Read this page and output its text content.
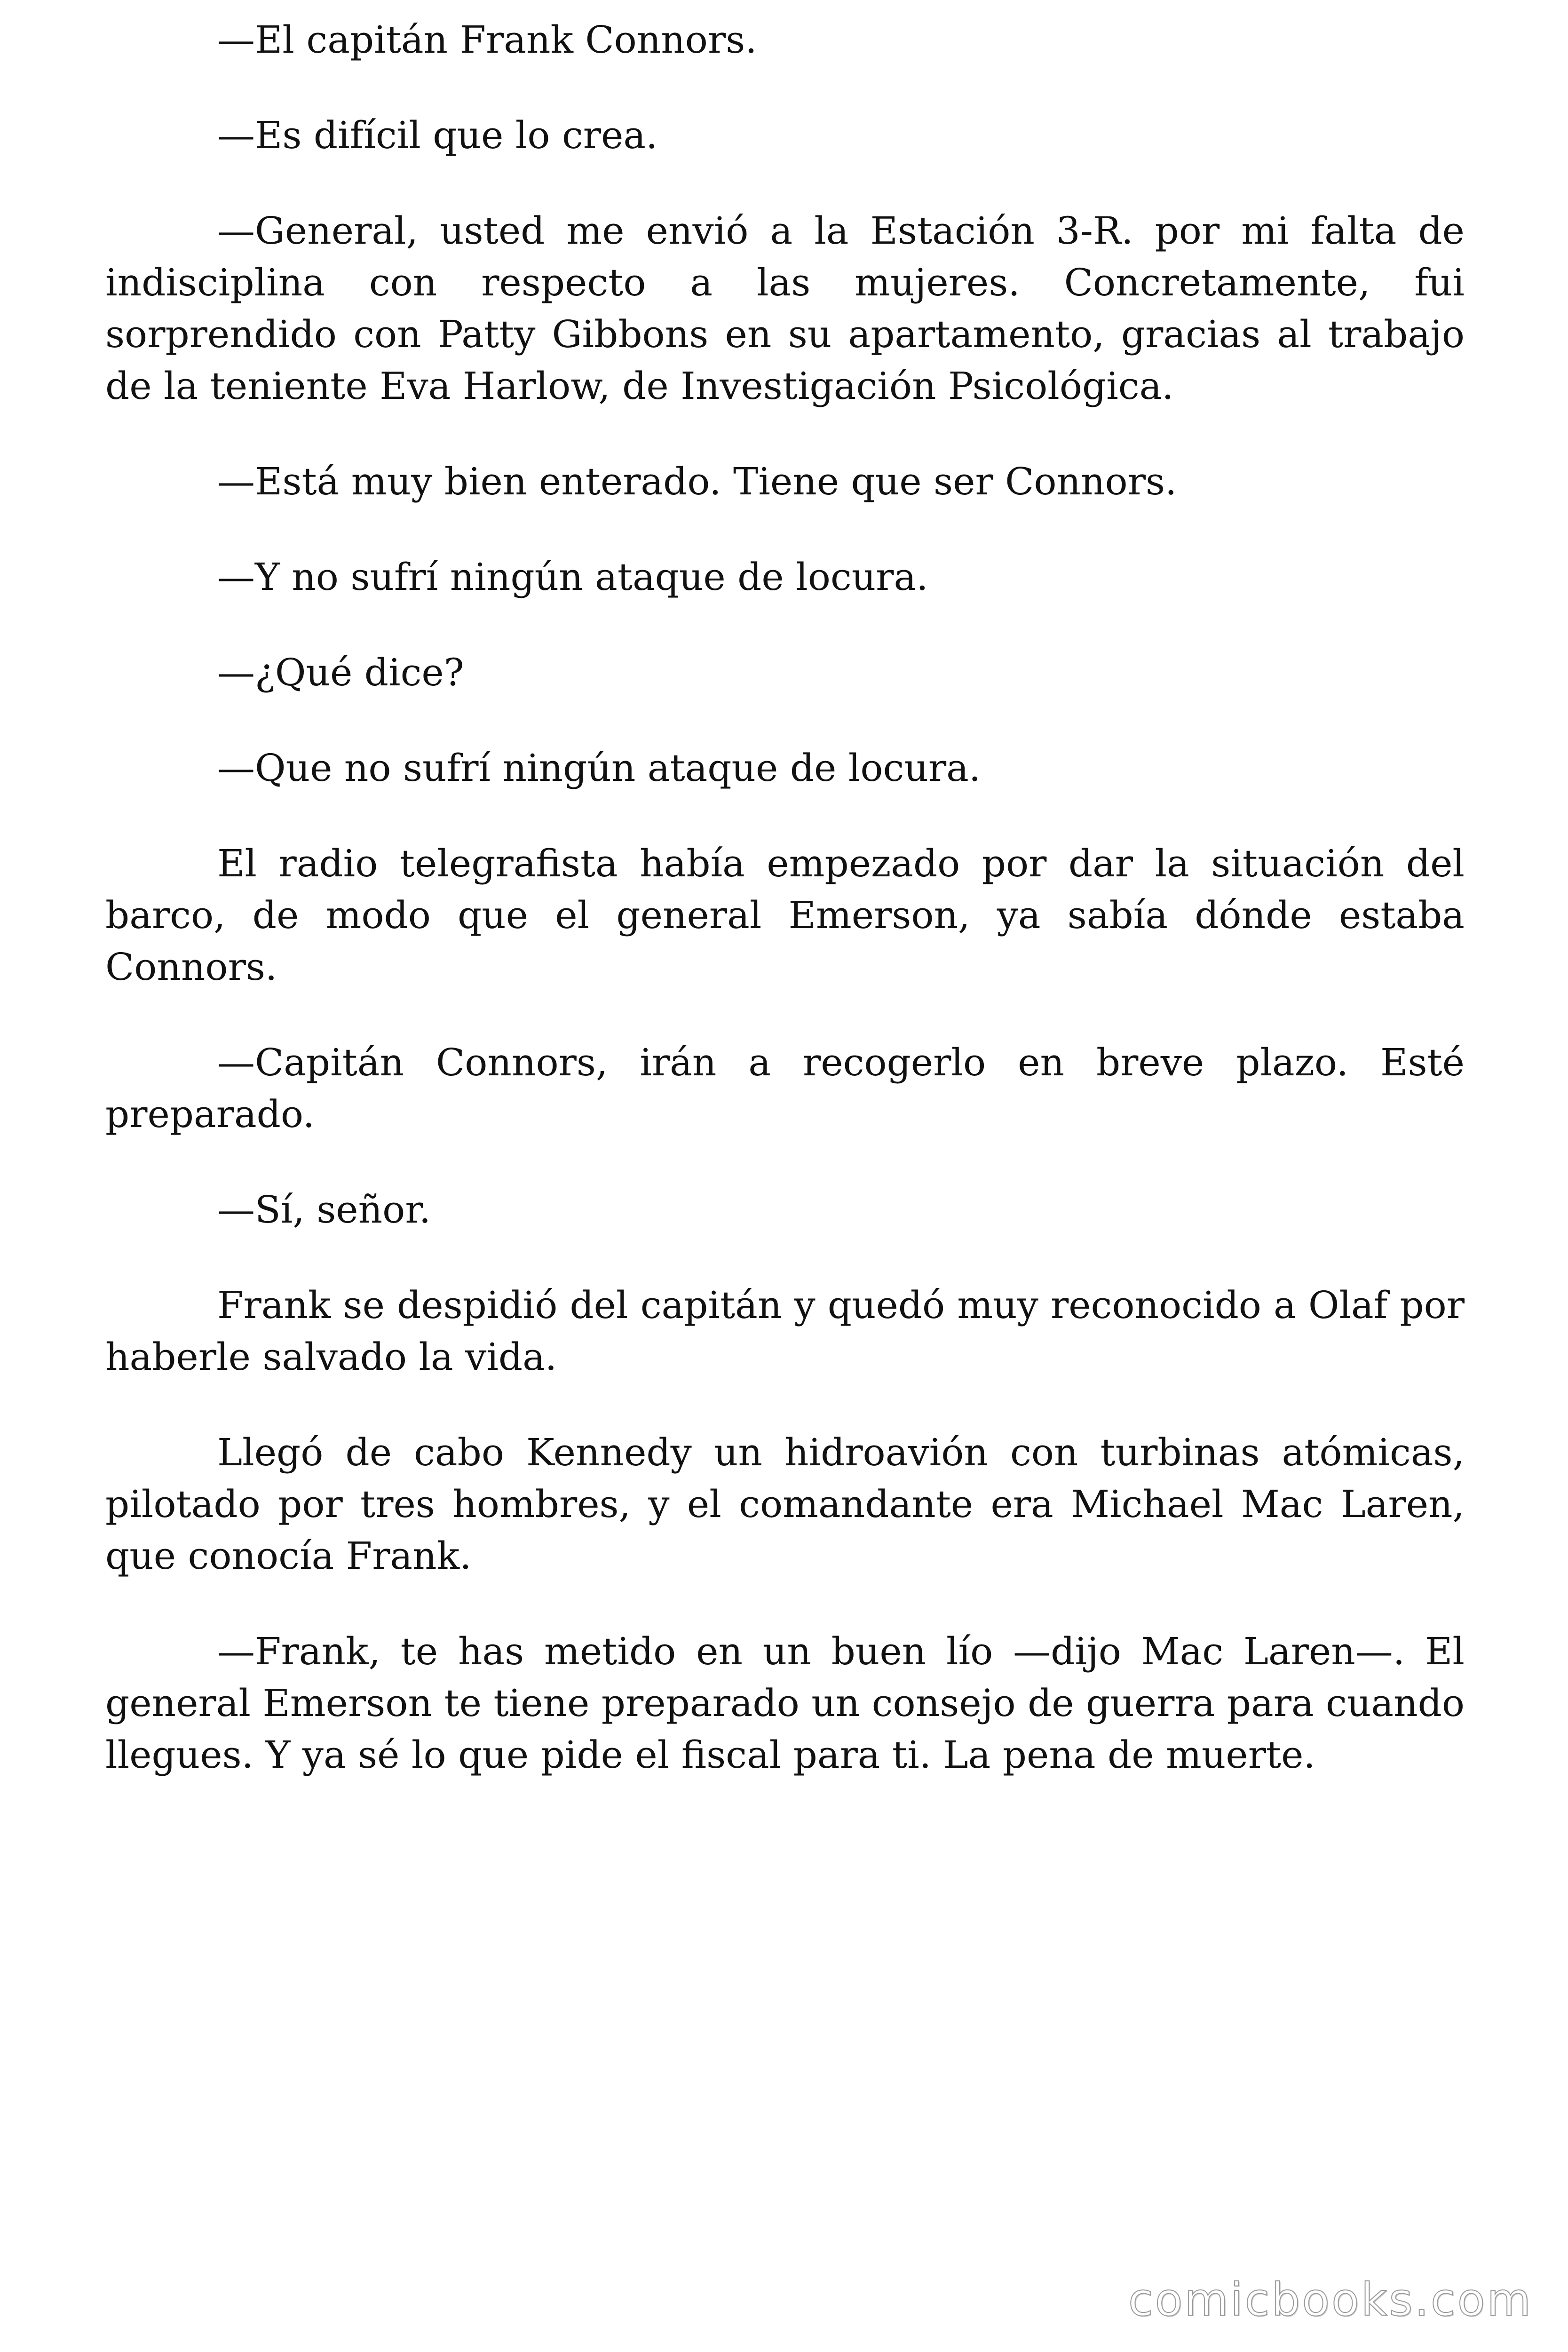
—El capitán Frank Connors.

—Es difícil que lo crea.

—General, usted me envió a la Estación 3-R. por mi falta de indisciplina con respecto a las mujeres. Concretamente, fui sorprendido con Patty Gibbons en su apartamento, gracias al trabajo de la teniente Eva Harlow, de Investigación Psicológica.

—Está muy bien enterado. Tiene que ser Connors.

—Y no sufrí ningún ataque de locura.

—¿Qué dice?

—Que no sufrí ningún ataque de locura.

El radio telegrafista había empezado por dar la situación del barco, de modo que el general Emerson, ya sabía dónde estaba Connors.

—Capitán Connors, irán a recogerlo en breve plazo. Esté preparado.

—Sí, señor.

Frank se despidió del capitán y quedó muy reconocido a Olaf por haberle salvado la vida.

Llegó de cabo Kennedy un hidroavión con turbinas atómicas, pilotado por tres hombres, y el comandante era Michael Mac Laren, que conocía Frank.

—Frank, te has metido en un buen lío —dijo Mac Laren—. El general Emerson te tiene preparado un consejo de guerra para cuando llegues. Y ya sé lo que pide el fiscal para ti. La pena de muerte.

comicbooks.com
